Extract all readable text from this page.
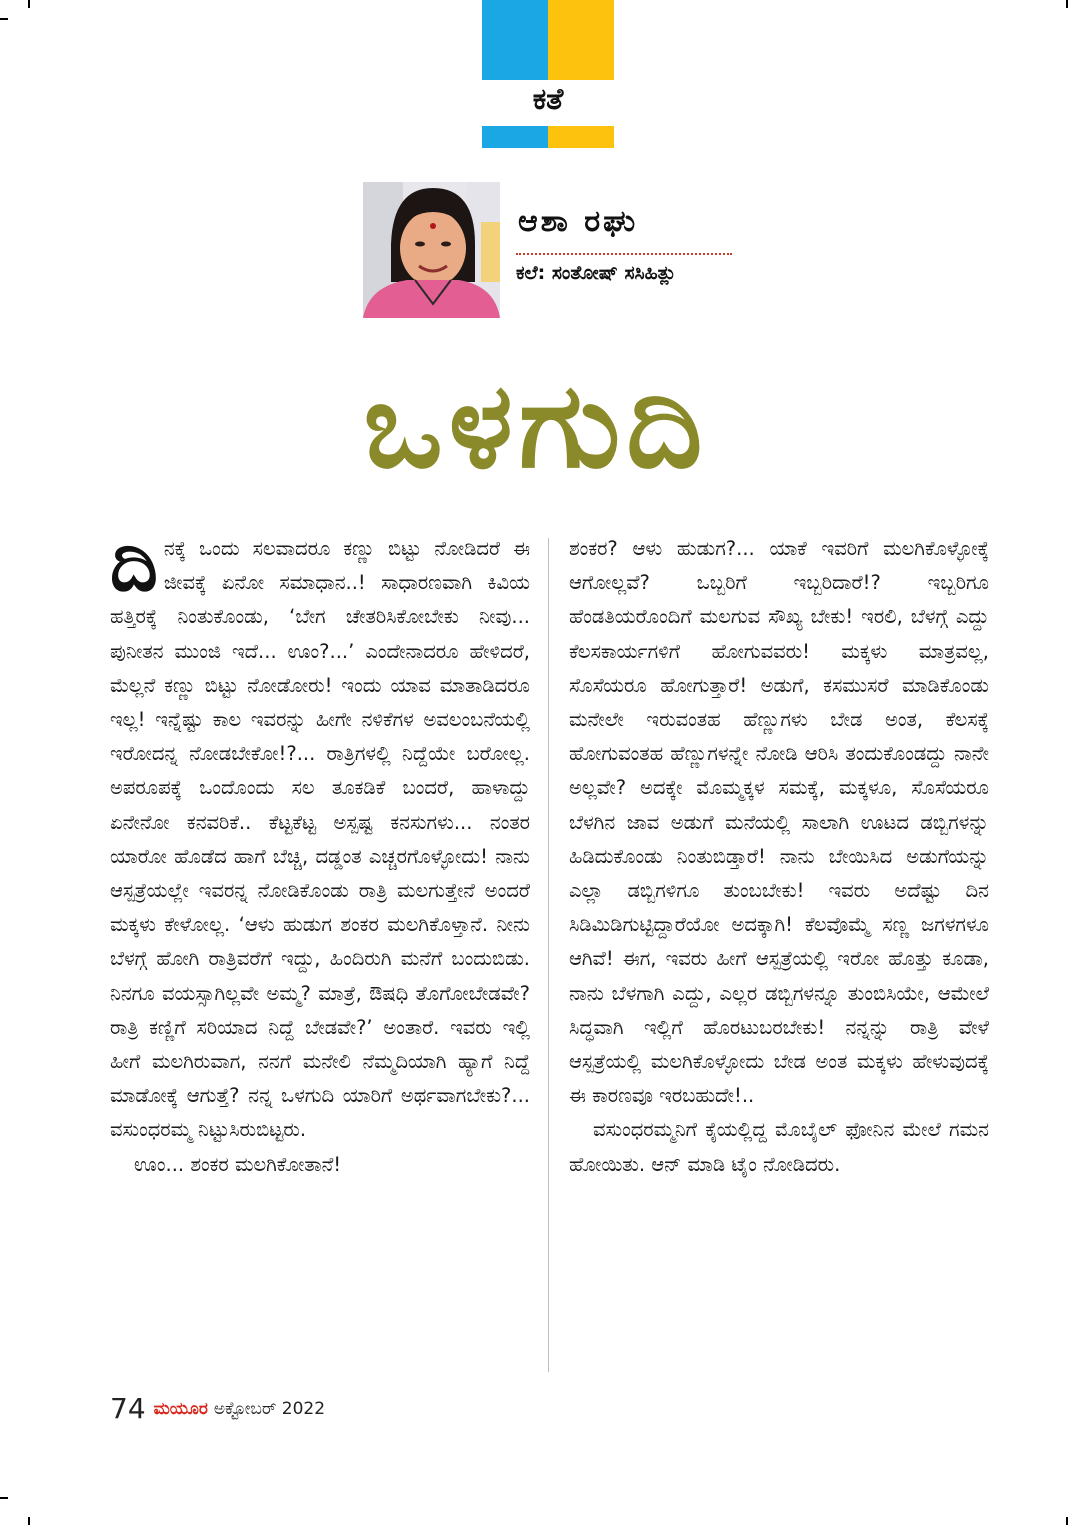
ಕತೆ
ಆಶಾ ರಘು
ಕಲೆ: ಸಂತೋಷ್ ಸಸಿಹಿತ್ಲು
ಒಳಗುದಿ

ದಿನಕ್ಕೆ ಒಂದು ಸಲವಾದರೂ ಕಣ್ಣು ಬಿಟ್ಟು ನೋಡಿದರೆ ಈ ಜೀವಕ್ಕೆ ಏನೋ ಸಮಾಧಾನ..! ಸಾಧಾರಣವಾಗಿ ಕಿವಿಯ ಹತ್ತಿರಕ್ಕೆ ನಿಂತುಕೊಂಡು, ‘ಬೇಗ ಚೇತರಿಸಿಕೋಬೇಕು ನೀವು... ಪುನೀತನ ಮುಂಜಿ ಇದೆ... ಊಂ?...’ ಎಂದೇನಾದರೂ ಹೇಳಿದರೆ, ಮೆಲ್ಲನೆ ಕಣ್ಣು ಬಿಟ್ಟು ನೋಡೋರು! ಇಂದು ಯಾವ ಮಾತಾಡಿದರೂ ಇಲ್ಲ! ಇನ್ನೆಷ್ಟು ಕಾಲ ಇವರನ್ನು ಹೀಗೇ ನಳಿಕೆಗಳ ಅವಲಂಬನೆಯಲ್ಲಿ ಇರೋದನ್ನ ನೋಡಬೇಕೋ!?... ರಾತ್ರಿಗಳಲ್ಲಿ ನಿದ್ದೆಯೇ ಬರೋಲ್ಲ. ಅಪರೂಪಕ್ಕೆ ಒಂದೊಂದು ಸಲ ತೂಕಡಿಕೆ ಬಂದರೆ, ಹಾಳಾದ್ದು ಏನೇನೋ ಕನವರಿಕೆ.. ಕೆಟ್ಟಕೆಟ್ಟ ಅಸ್ಪಷ್ಟ ಕನಸುಗಳು... ನಂತರ ಯಾರೋ ಹೊಡೆದ ಹಾಗೆ ಬೆಚ್ಚಿ, ದಡ್ಡಂತ ಎಚ್ಚರಗೊಳ್ಳೋದು! ನಾನು ಆಸ್ಪತ್ರೆಯಲ್ಲೇ ಇವರನ್ನ ನೋಡಿಕೊಂಡು ರಾತ್ರಿ ಮಲಗುತ್ತೇನೆ ಅಂದರೆ ಮಕ್ಕಳು ಕೇಳೋಲ್ಲ. ‘ಆಳು ಹುಡುಗ ಶಂಕರ ಮಲಗಿಕೊಳ್ತಾನೆ. ನೀನು ಬೆಳಗ್ಗೆ ಹೋಗಿ ರಾತ್ರಿವರೆಗೆ ಇದ್ದು, ಹಿಂದಿರುಗಿ ಮನೆಗೆ ಬಂದುಬಿಡು. ನಿನಗೂ ವಯಸ್ಸಾಗಿಲ್ಲವೇ ಅಮ್ಮ? ಮಾತ್ರೆ, ಔಷಧಿ ತೊಗೋಬೇಡವೇ? ರಾತ್ರಿ ಕಣ್ಣಿಗೆ ಸರಿಯಾದ ನಿದ್ದೆ ಬೇಡವೇ?’ ಅಂತಾರೆ. ಇವರು ಇಲ್ಲಿ ಹೀಗೆ ಮಲಗಿರುವಾಗ, ನನಗೆ ಮನೇಲಿ ನೆಮ್ಮದಿಯಾಗಿ ಹ್ಯಾಗೆ ನಿದ್ದೆ ಮಾಡೋಕ್ಕೆ ಆಗುತ್ತೆ? ನನ್ನ ಒಳಗುದಿ ಯಾರಿಗೆ ಅರ್ಥವಾಗಬೇಕು?... ವಸುಂಧರಮ್ಮ ನಿಟ್ಟುಸಿರುಬಿಟ್ಟರು.

ಊಂ... ಶಂಕರ ಮಲಗಿಕೋತಾನೆ!

ಶಂಕರ? ಆಳು ಹುಡುಗ?... ಯಾಕೆ ಇವರಿಗೆ ಮಲಗಿಕೊಳ್ಳೋಕ್ಕೆ ಆಗೋಲ್ಲವೆ? ಒಬ್ಬರಿಗೆ ಇಬ್ಬರಿದಾರೆ!? ಇಬ್ಬರಿಗೂ ಹೆಂಡತಿಯರೊಂದಿಗೆ ಮಲಗುವ ಸೌಖ್ಯ ಬೇಕು! ಇರಲಿ, ಬೆಳಗ್ಗೆ ಎದ್ದು ಕೆಲಸಕಾರ್ಯಗಳಿಗೆ ಹೋಗುವವರು! ಮಕ್ಕಳು ಮಾತ್ರವಲ್ಲ, ಸೊಸೆಯರೂ ಹೋಗುತ್ತಾರೆ! ಅಡುಗೆ, ಕಸಮುಸರೆ ಮಾಡಿಕೊಂಡು ಮನೇಲೇ ಇರುವಂತಹ ಹೆಣ್ಣುಗಳು ಬೇಡ ಅಂತ, ಕೆಲಸಕ್ಕೆ ಹೋಗುವಂತಹ ಹೆಣ್ಣುಗಳನ್ನೇ ನೋಡಿ ಆರಿಸಿ ತಂದುಕೊಂಡದ್ದು ನಾನೇ ಅಲ್ಲವೇ? ಅದಕ್ಕೇ ಮೊಮ್ಮಕ್ಕಳ ಸಮಕ್ಕೆ, ಮಕ್ಕಳೂ, ಸೊಸೆಯರೂ ಬೆಳಗಿನ ಜಾವ ಅಡುಗೆ ಮನೆಯಲ್ಲಿ ಸಾಲಾಗಿ ಊಟದ ಡಬ್ಬಿಗಳನ್ನು ಹಿಡಿದುಕೊಂಡು ನಿಂತುಬಿಡ್ತಾರೆ! ನಾನು ಬೇಯಿಸಿದ ಅಡುಗೆಯನ್ನು ಎಲ್ಲಾ ಡಬ್ಬಿಗಳಿಗೂ ತುಂಬಬೇಕು! ಇವರು ಅದೆಷ್ಟು ದಿನ ಸಿಡಿಮಿಡಿಗುಟ್ಟಿದ್ದಾರೆಯೋ ಅದಕ್ಕಾಗಿ! ಕೆಲವೊಮ್ಮೆ ಸಣ್ಣ ಜಗಳಗಳೂ ಆಗಿವೆ! ಈಗ, ಇವರು ಹೀಗೆ ಆಸ್ಪತ್ರೆಯಲ್ಲಿ ಇರೋ ಹೊತ್ತು ಕೂಡಾ, ನಾನು ಬೆಳಗಾಗಿ ಎದ್ದು, ಎಲ್ಲರ ಡಬ್ಬಿಗಳನ್ನೂ ತುಂಬಿಸಿಯೇ, ಆಮೇಲೆ ಸಿದ್ಧವಾಗಿ ಇಲ್ಲಿಗೆ ಹೊರಟುಬರಬೇಕು! ನನ್ನನ್ನು ರಾತ್ರಿ ವೇಳೆ ಆಸ್ಪತ್ರೆಯಲ್ಲಿ ಮಲಗಿಕೊಳ್ಳೋದು ಬೇಡ ಅಂತ ಮಕ್ಕಳು ಹೇಳುವುದಕ್ಕೆ ಈ ಕಾರಣವೂ ಇರಬಹುದೇ!..

ವಸುಂಧರಮ್ಮನಿಗೆ ಕೈಯಲ್ಲಿದ್ದ ಮೊಬೈಲ್ ಫೋನಿನ ಮೇಲೆ ಗಮನ ಹೋಯಿತು. ಆನ್ ಮಾಡಿ ಟೈಂ ನೋಡಿದರು.

74 ಮಯೂರ ಅಕ್ಟೋಬರ್ 2022
